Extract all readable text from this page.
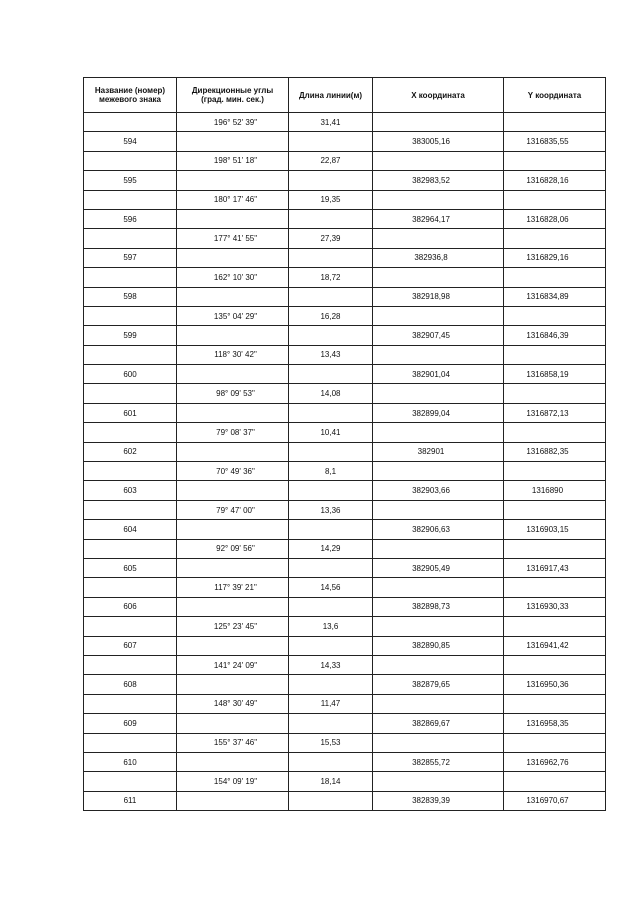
Название (номер)
межевого знака	Дирекционные углы
(град. мин. сек.)	Длина линии(м)	X координата	Y координата
	196° 52' 39"	31,41		
594			383005,16	1316835,55
	198° 51' 18"	22,87		
595			382983,52	1316828,16
	180° 17' 46"	19,35		
596			382964,17	1316828,06
	177° 41' 55"	27,39		
597			382936,8	1316829,16
	162° 10' 30"	18,72		
598			382918,98	1316834,89
	135° 04' 29"	16,28		
599			382907,45	1316846,39
	118° 30' 42"	13,43		
600			382901,04	1316858,19
	98° 09' 53"	14,08		
601			382899,04	1316872,13
	79° 08' 37"	10,41		
602			382901	1316882,35
	70° 49' 36"	8,1		
603			382903,66	1316890
	79° 47' 00"	13,36		
604			382906,63	1316903,15
	92° 09' 56"	14,29		
605			382905,49	1316917,43
	117° 39' 21"	14,56		
606			382898,73	1316930,33
	125° 23' 45"	13,6		
607			382890,85	1316941,42
	141° 24' 09"	14,33		
608			382879,65	1316950,36
	148° 30' 49"	11,47		
609			382869,67	1316958,35
	155° 37' 46"	15,53		
610			382855,72	1316962,76
	154° 09' 19"	18,14		
611			382839,39	1316970,67
